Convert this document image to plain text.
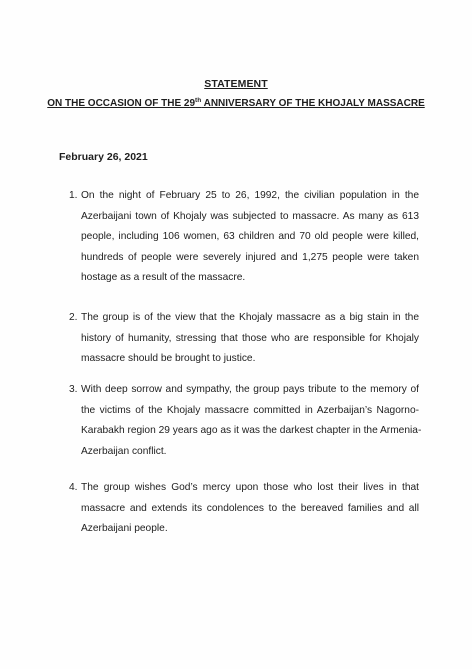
STATEMENT
ON THE OCCASION OF THE 29th ANNIVERSARY OF THE KHOJALY MASSACRE
February 26, 2021
1. On the night of February 25 to 26, 1992, the civilian population in the
Azerbaijani town of Khojaly was subjected to massacre. As many as 613
people, including 106 women, 63 children and 70 old people were killed,
hundreds of people were severely injured and 1,275 people were taken
hostage as a result of the massacre.
2. The group is of the view that the Khojaly massacre as a big stain in the
history of humanity, stressing that those who are responsible for Khojaly
massacre should be brought to justice.
3. With deep sorrow and sympathy, the group pays tribute to the memory of
the victims of the Khojaly massacre committed in Azerbaijan’s Nagorno-
Karabakh region 29 years ago as it was the darkest chapter in the Armenia-
Azerbaijan conflict.
4. The group wishes God’s mercy upon those who lost their lives in that
massacre and extends its condolences to the bereaved families and all
Azerbaijani people.
